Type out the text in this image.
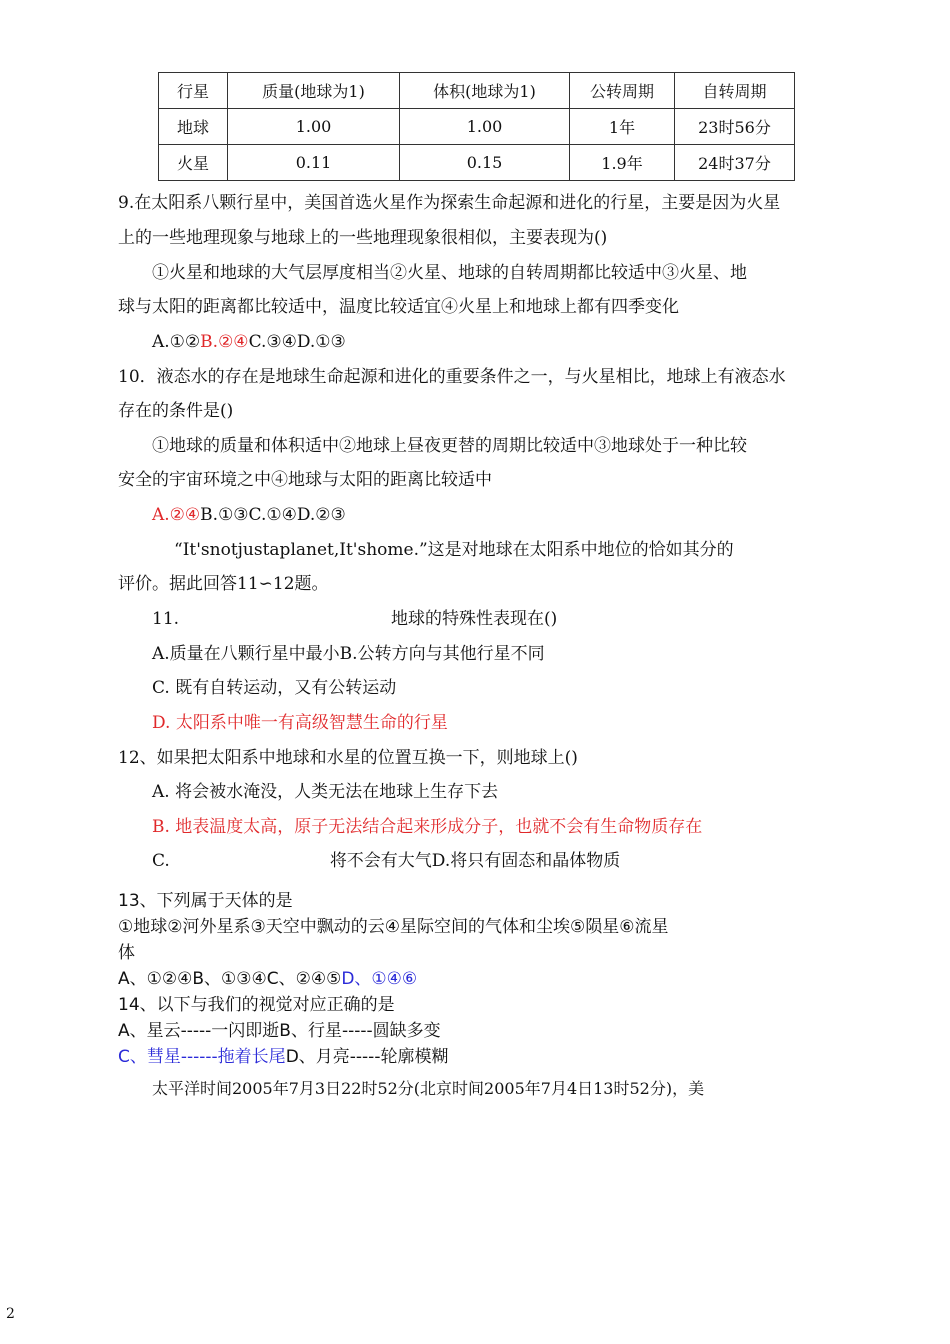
行星	质量(地球为1)	体积(地球为1)	公转周期	自转周期
地球	1.00	1.00	1年	23时56分
火星	0.11	0.15	1.9年	24时37分
9.在太阳系八颗行星中，美国首选火星作为探索生命起源和进化的行星，主要是因为火星
上的一些地理现象与地球上的一些地理现象很相似，主要表现为()
①火星和地球的大气层厚度相当②火星、地球的自转周期都比较适中③火星、地
球与太阳的距离都比较适中，温度比较适宜④火星上和地球上都有四季变化
A.①②B.②④C.③④D.①③
10．液态水的存在是地球生命起源和进化的重要条件之一，与火星相比，地球上有液态水
存在的条件是()
①地球的质量和体积适中②地球上昼夜更替的周期比较适中③地球处于一种比较
安全的宇宙环境之中④地球与太阳的距离比较适中
A.②④B.①③C.①④D.②③
“It'snotjustaplanet,It'shome.”这是对地球在太阳系中地位的恰如其分的
评价。据此回答11∽12题。
11.	地球的特殊性表现在()
A.质量在八颗行星中最小B.公转方向与其他行星不同
C. 既有自转运动，又有公转运动
D. 太阳系中唯一有高级智慧生命的行星
12、如果把太阳系中地球和水星的位置互换一下，则地球上()
A. 将会被水淹没，人类无法在地球上生存下去
B. 地表温度太高，原子无法结合起来形成分子，也就不会有生命物质存在
C.	将不会有大气D.将只有固态和晶体物质
13、下列属于天体的是
①地球②河外星系③天空中飘动的云④星际空间的气体和尘埃⑤陨星⑥流星
体
A、①②④B、①③④C、②④⑤D、①④⑥
14、以下与我们的视觉对应正确的是
A、星云-----一闪即逝B、行星-----圆缺多变
C、彗星------拖着长尾D、月亮-----轮廓模糊
太平洋时间2005年7月3日22时52分(北京时间2005年7月4日13时52分)，美
2
